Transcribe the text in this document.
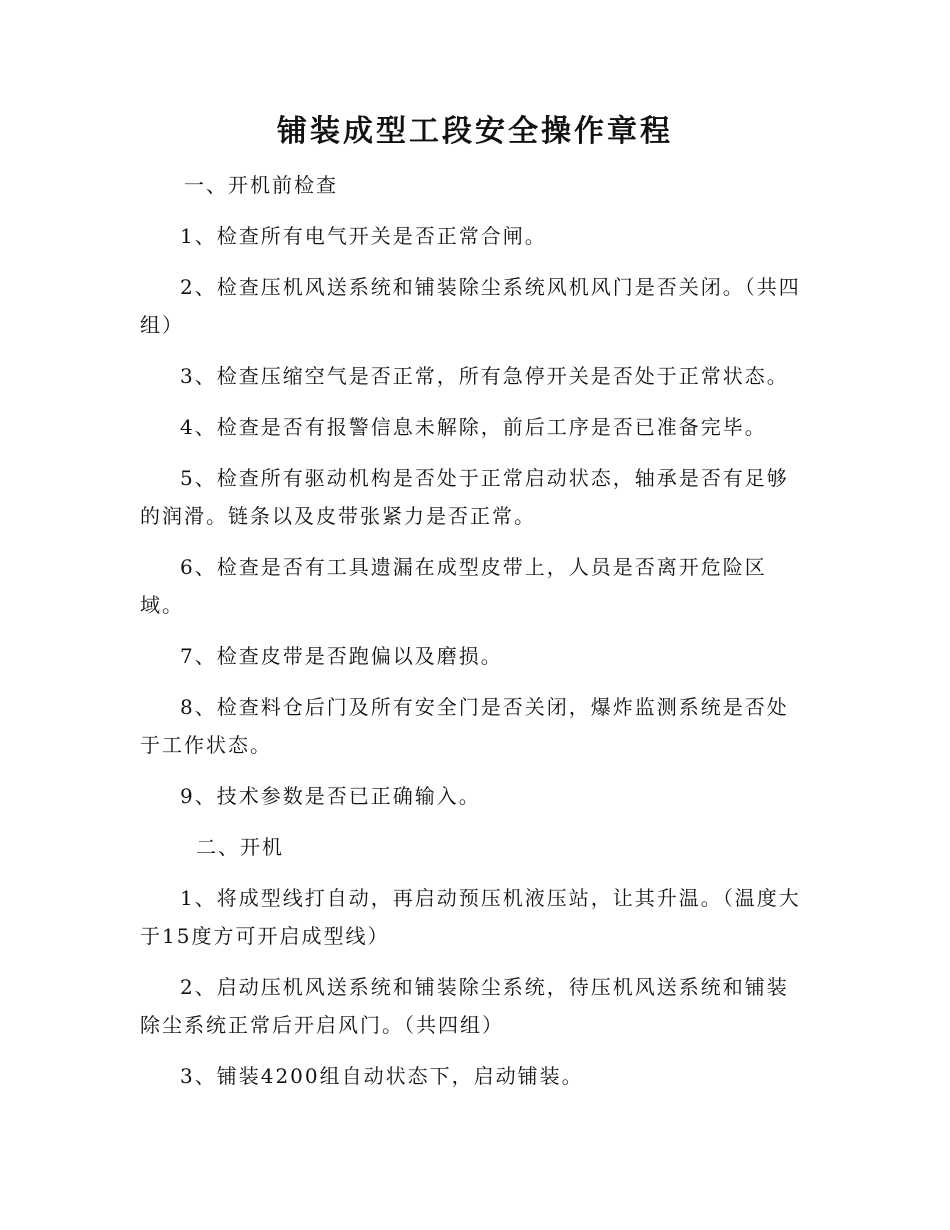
铺装成型工段安全操作章程

一、开机前检查

1、检查所有电气开关是否正常合闸。

2、检查压机风送系统和铺装除尘系统风机风门是否关闭。（共四组）

3、检查压缩空气是否正常，所有急停开关是否处于正常状态。

4、检查是否有报警信息未解除，前后工序是否已准备完毕。

5、检查所有驱动机构是否处于正常启动状态，轴承是否有足够的润滑。链条以及皮带张紧力是否正常。

6、检查是否有工具遗漏在成型皮带上，人员是否离开危险区域。

7、检查皮带是否跑偏以及磨损。

8、检查料仓后门及所有安全门是否关闭，爆炸监测系统是否处于工作状态。

9、技术参数是否已正确输入。

二、开机

1、将成型线打自动，再启动预压机液压站，让其升温。（温度大于15度方可开启成型线）

2、启动压机风送系统和铺装除尘系统，待压机风送系统和铺装除尘系统正常后开启风门。（共四组）

3、铺装4200组自动状态下，启动铺装。
